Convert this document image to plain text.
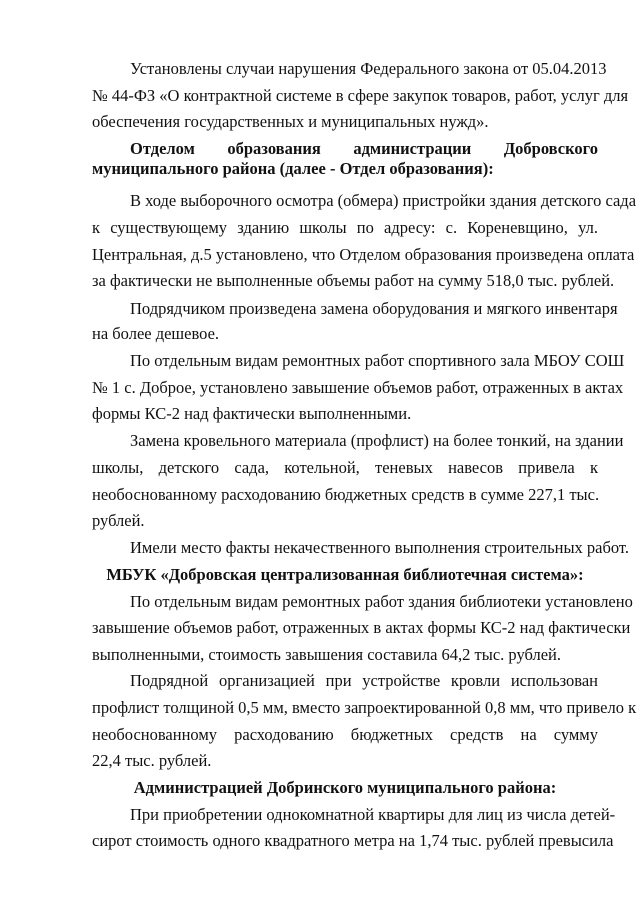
Установлены случаи нарушения Федерального закона от 05.04.2013
№ 44-ФЗ «О контрактной системе в сфере закупок товаров, работ, услуг для
обеспечения государственных и муниципальных нужд».
Отделом образования администрации Добровского
муниципального района (далее - Отдел образования):
В ходе выборочного осмотра (обмера) пристройки здания детского сада
к существующему зданию школы по адресу: с. Кореневщино, ул.
Центральная, д.5 установлено, что Отделом образования произведена оплата
за фактически не выполненные объемы работ на сумму 518,0 тыс. рублей.
Подрядчиком произведена замена оборудования и мягкого инвентаря
на более дешевое.
По отдельным видам ремонтных работ спортивного зала МБОУ СОШ
№ 1 с. Доброе, установлено завышение объемов работ, отраженных в актах
формы КС-2 над фактически выполненными.
Замена кровельного материала (профлист) на более тонкий, на здании
школы, детского сада, котельной, теневых навесов привела к
необоснованному расходованию бюджетных средств в сумме 227,1 тыс.
рублей.
Имели место факты некачественного выполнения строительных работ.
МБУК «Добровская централизованная библиотечная система»:
По отдельным видам ремонтных работ здания библиотеки установлено
завышение объемов работ, отраженных в актах формы КС-2 над фактически
выполненными, стоимость завышения составила 64,2 тыс. рублей.
Подрядной организацией при устройстве кровли использован
профлист толщиной 0,5 мм, вместо запроектированной 0,8 мм, что привело к
необоснованному расходованию бюджетных средств на сумму
22,4 тыс. рублей.
Администрацией Добринского муниципального района:
При приобретении однокомнатной квартиры для лиц из числа детей-
сирот стоимость одного квадратного метра на 1,74 тыс. рублей превысила
